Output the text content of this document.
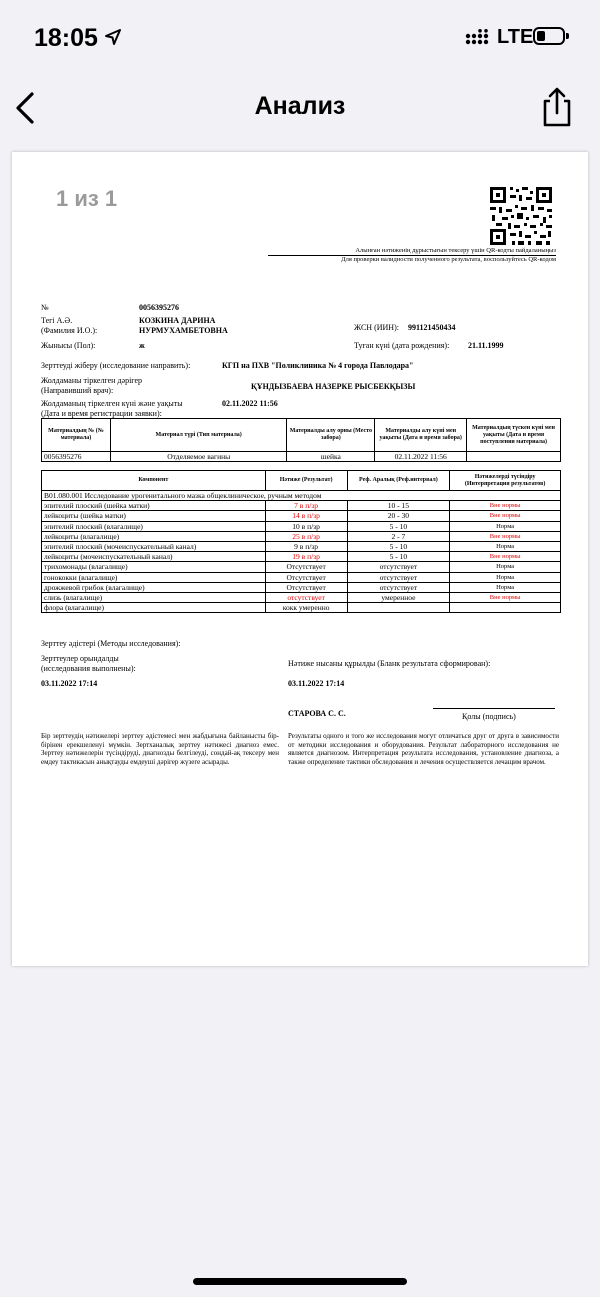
18:05	LTE
Анализ
1 из 1
Алынған нәтиженің дұрыстығын тексеру үшін QR-кодты пайдаланыңыз
Для проверки валидности полученного результата, воспользуйтесь QR-кодом
№	0056395276
Тегі А.Ә.
(Фамилия И.О.):
КОЗКИНА ДАРИНА
НУРМУХАМБЕТОВНА	ЖСН (ИИН): 991121450434
Жынысы (Пол):	ж	Туған күні (дата рождения): 21.11.1999
Зерттеуді жіберу (исследование направить):	КГП на ПХВ "Поликлиника № 4 города Павлодара"
Жолдаманы тіркелген дәрігер
(Направивший врач):	ҚҰНДЫЗБАЕВА НАЗЕРКЕ РЫСБЕКҚЫЗЫ
Жолдаманың тіркелген күні және уақыты
(Дата и время регистрации заявки):
02.11.2022 11:56
Материалдың № (№ материала)	Материал түрі (Тип материала)	Материалды алу орны (Место забора)	Материалды алу күні мен уақыты (Дата и время забора)	Материалдың түскен күні мен уақыты (Дата и время поступления материала)
0056395276	Отделяемое вагины	шейка	02.11.2022 11:56	
Компонент	Нәтиже (Результат)	Реф. Аралық (Реф.интервал)	Нәтижелерді түсіндіру (Интерпретация результатов)
B01.080.001 Исследование урогенитального мазка общеклиническое, ручным методом			
эпителий плоский (шейка матки)	7 в п/зр	10 - 15	Вне нормы
лейкоциты (шейка матки)	14 в п/зр	20 - 30	Вне нормы
эпителий плоский (влагалище)	10 в п/зр	5 - 10	Норма
лейкоциты (влагалище)	25 в п/зр	2 - 7	Вне нормы
эпителий плоский (мочеиспускательный канал)	9 в п/зр	5 - 10	Норма
лейкоциты (мочеиспускательный канал)	19 в п/зр	5 - 10	Вне нормы
трихомонады (влагалище)	Отсутствует	отсутствует	Норма
гонококки (влагалище)	Отсутствует	отсутствует	Норма
дрожжевой грибок (влагалище)	Отсутствует	отсутствует	Норма
слизь (влагалище)	отсутствует	умеренное	Вне нормы
флора (влагалище)	кокк умеренно		
Зерттеу әдістері (Методы исследования):
Зерттеулер орындалды
(исследования выполнены):
03.11.2022 17:14
Нәтиже нысаны құрылды (Бланк результата сформирован):
03.11.2022 17:14
СТАРОВА С. С.	Қолы (подпись)
Бір зерттеудің нәтижелері зерттеу әдістемесі мен жабдығына байланысты бір-бірінен ерекшеленуі мүмкін. Зертханалық зерттеу нәтижесі диагноз емес. Зерттеу нәтижелерін түсіндіруді, диагнозды белгілеуді, сондай-ақ тексеру мен емдеу тактикасын анықтауды емдеуші дәрігер жүзеге асырады.
Результаты одного и того же исследования могут отличаться друг от друга в зависимости от методики исследования и оборудования. Результат лабораторного исследования не является диагнозом. Интерпретация результата исследования, установление диагноза, а также определение тактики обследования и лечения осуществляется лечащим врачом.
